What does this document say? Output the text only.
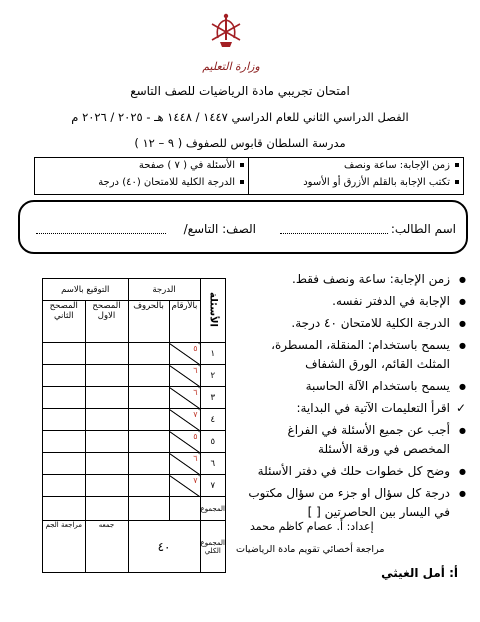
وزارة التعليم
امتحان تجريبي مادة الرياضيات للصف التاسع
الفصل الدراسي الثاني للعام الدراسي ١٤٤٧ / ١٤٤٨ هـ - ٢٠٢٥ / ٢٠٢٦ م
مدرسة السلطان قابوس للصفوف ( ٩ – ١٢ )
زمن الإجابة: ساعة ونصف
تكتب الإجابة بالقلم الأزرق أو الأسود
الأسئلة في ( ٧ ) صفحة
الدرجة الكلية للامتحان (٤٠) درجة
اسم الطالب:
الصف: التاسع/
الأسئلة	الدرجة		التوقيع بالاسم	
	بالأرقام	بالحروف	المصحح الاول	المصحح الثاني
١	٥			

٢	٦			

٣	٦			

٤	٧			

٥	٥			

٦	٦			

٧	٧			

المجموع				
المجموع الكلي	٤٠		جمعه	مراجعة الجم
● زمن الإجابة: ساعة ونصف فقط.
● الإجابة في الدفتر نفسه.
● الدرجة الكلية للامتحان ٤٠ درجة.
● يسمح باستخدام: المنقلة، المسطرة، المثلث القائم، الورق الشفاف
● يسمح باستخدام الآلة الحاسبة
✓ اقرأ التعليمات الآتية في البداية:
● أجب عن جميع الأسئلة في الفراغ المخصص في ورقة الأسئلة
● وضح كل خطوات حلك في دفتر الأسئلة
● درجة كل سؤال او جزء من سؤال مكتوب في اليسار بين الحاصرتين [ ]
إعداد: أ. عصام كاظم محمد
مراجعة أخصائي تقويم مادة الرياضيات
أ: أمل الغيثي
